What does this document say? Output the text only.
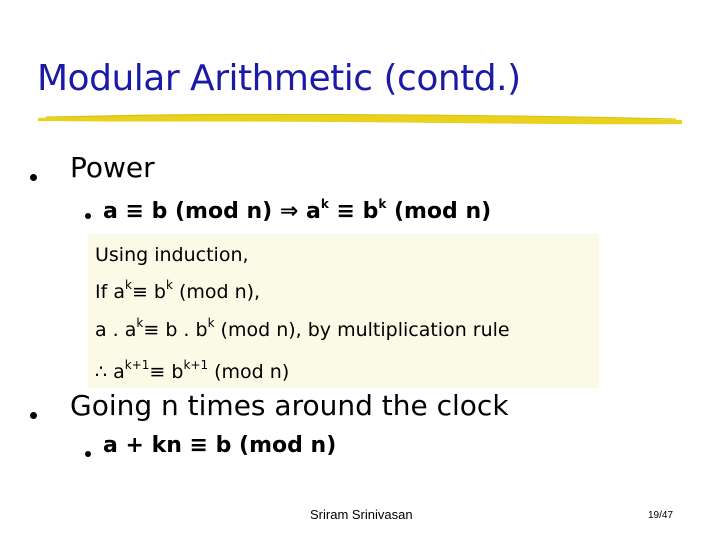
Modular Arithmetic (contd.)
Power
a ≡ b (mod n) ⇒ $a^k \equiv b^k$ (mod n)
Using induction,
If $a^k\equiv b^k$ (mod n),
a . $a^k\equiv b$ . $b^k$ (mod n), by multiplication rule
∴ $a^{k+1}\equiv b^{k+1}$ (mod n)
Going n times around the clock
a + kn ≡ b (mod n)
Sriram Srinivasan	19/47
